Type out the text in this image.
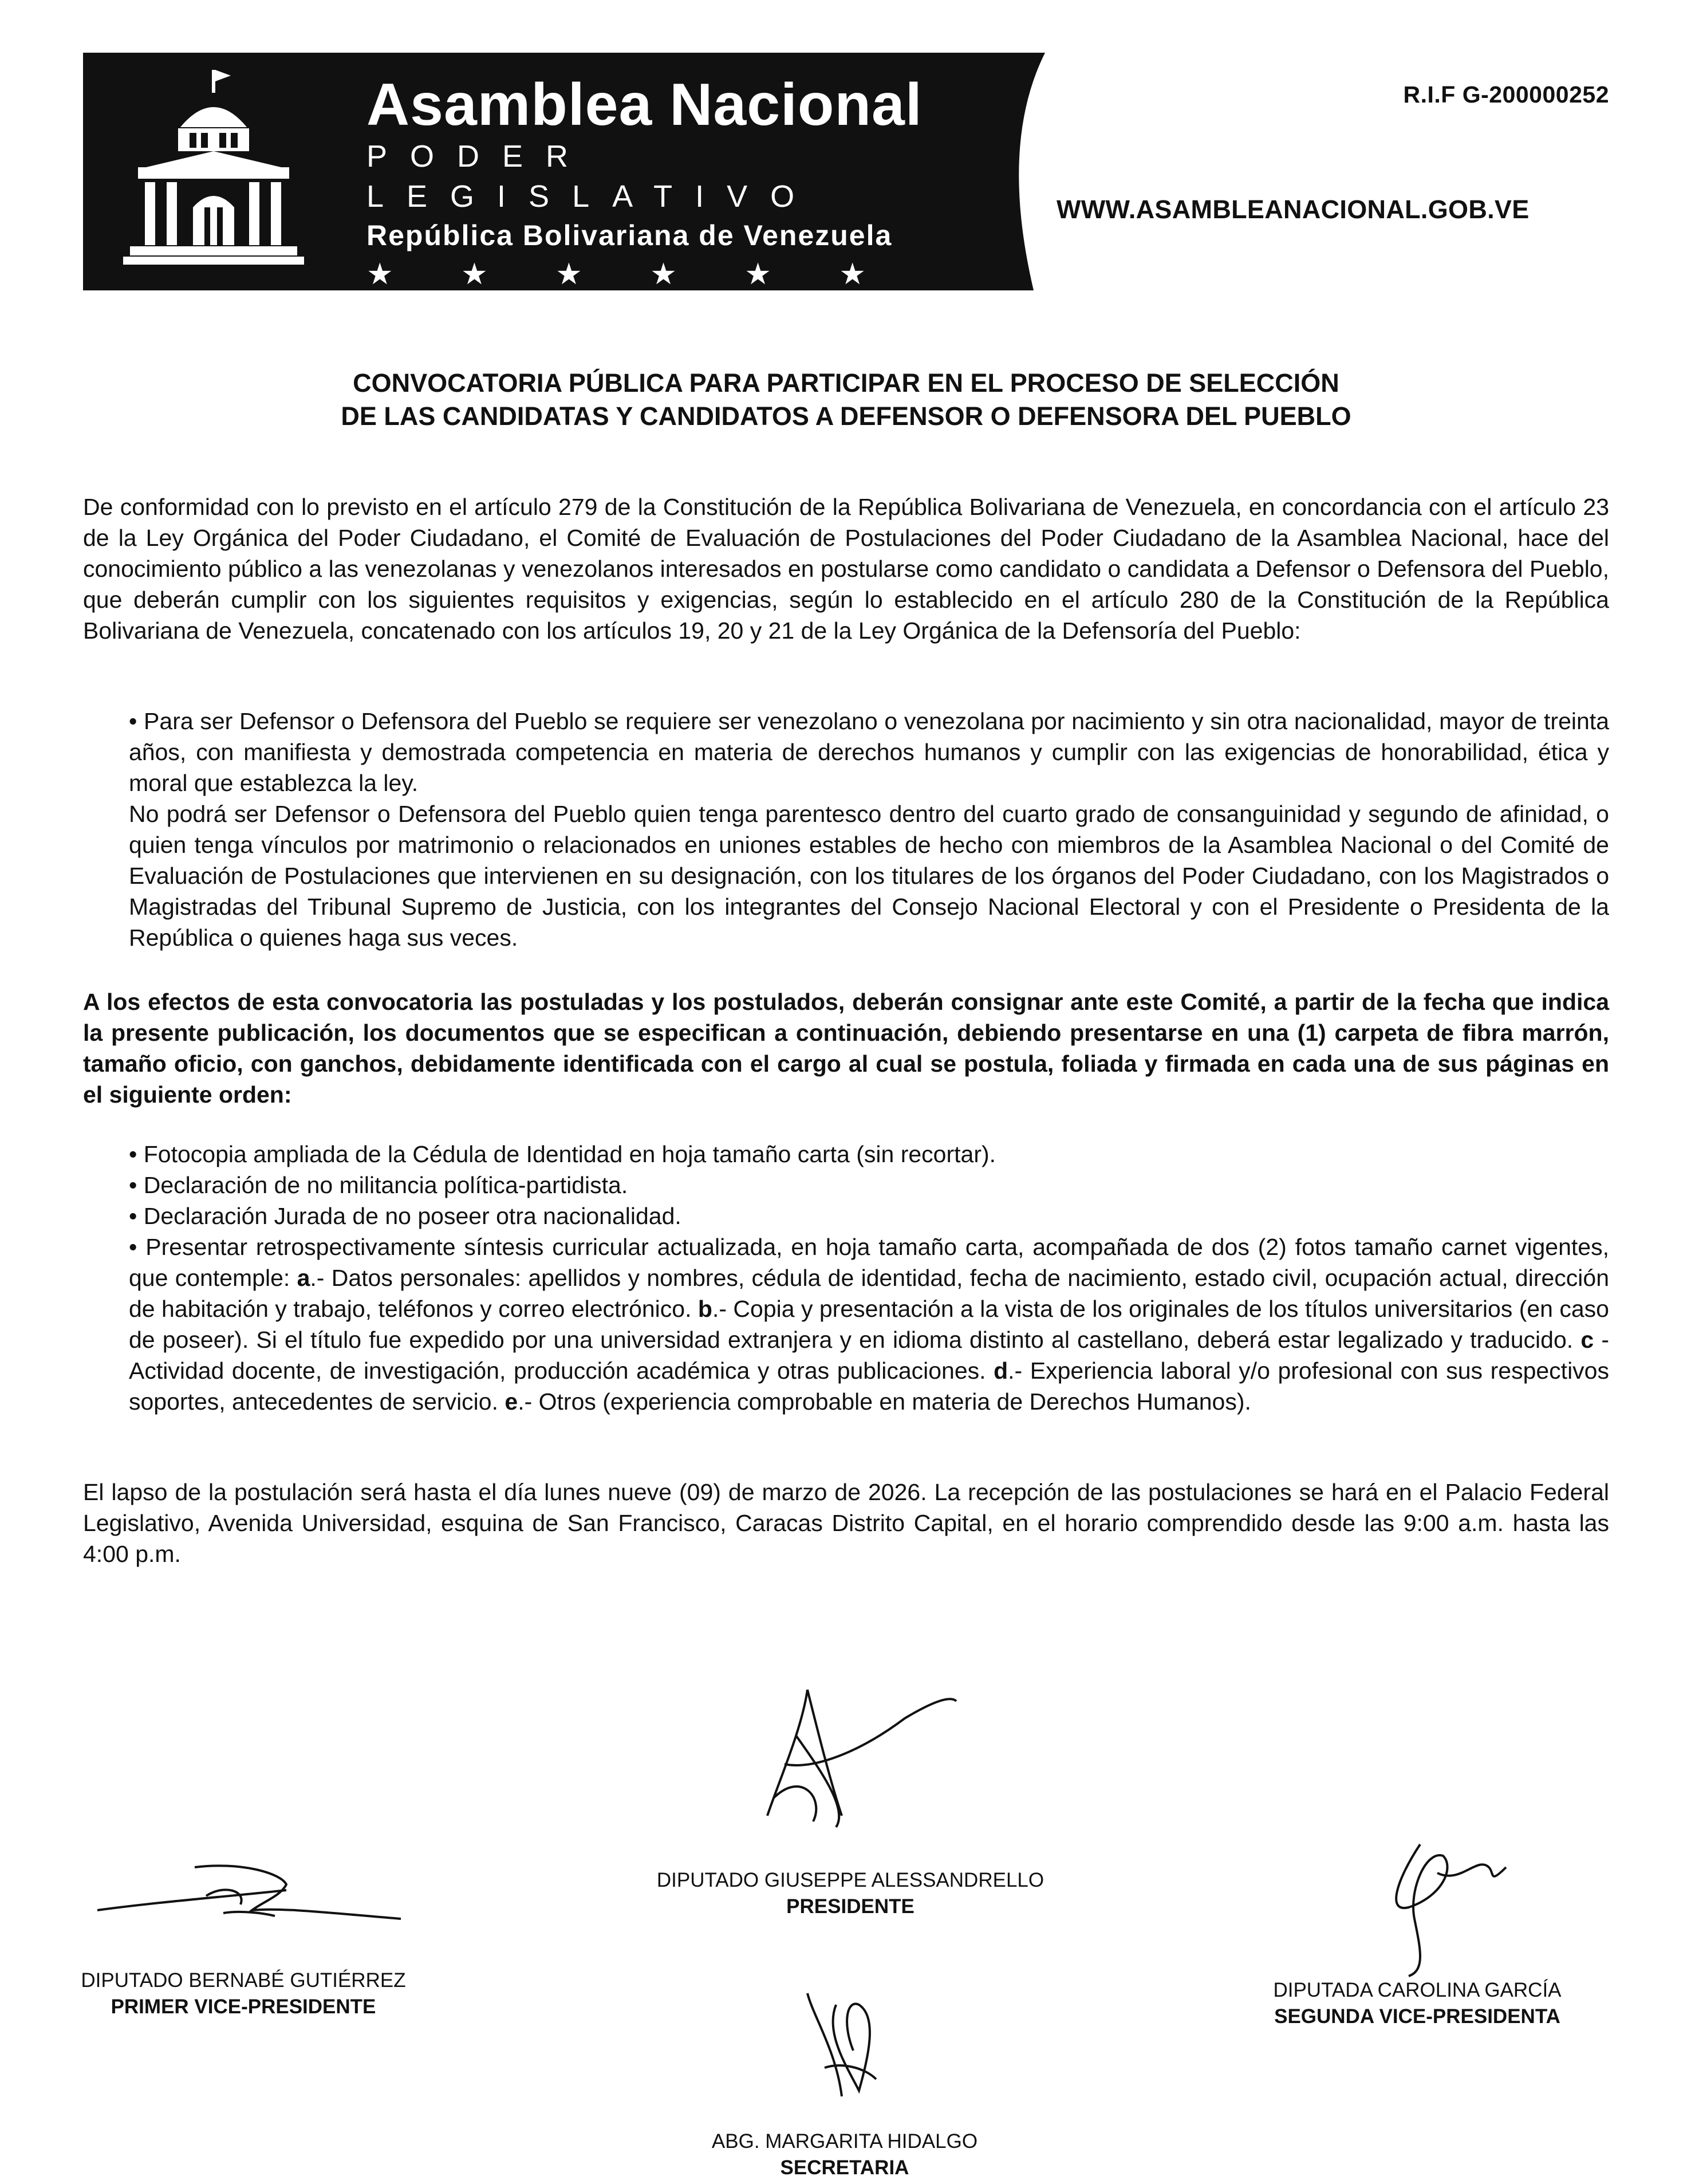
Asamblea Nacional
PODER LEGISLATIVO
República Bolivariana de Venezuela
★ ★ ★ ★ ★ ★ ★ ★
R.I.F G-200000252
WWW.ASAMBLEANACIONAL.GOB.VE
CONVOCATORIA PÚBLICA PARA PARTICIPAR EN EL PROCESO DE SELECCIÓN
DE LAS CANDIDATAS Y CANDIDATOS A DEFENSOR O DEFENSORA DEL PUEBLO

De conformidad con lo previsto en el artículo 279 de la Constitución de la República Bolivariana de Venezuela, en concordancia con el artículo 23 de la Ley Orgánica del Poder Ciudadano, el Comité de Evaluación de Postulaciones del Poder Ciudadano de la Asamblea Nacional, hace del conocimiento público a las venezolanas y venezolanos interesados en postularse como candidato o candidata a Defensor o Defensora del Pueblo, que deberán cumplir con los siguientes requisitos y exigencias, según lo establecido en el artículo 280 de la Constitución de la República Bolivariana de Venezuela, concatenado con los artículos 19, 20 y 21 de la Ley Orgánica de la Defensoría del Pueblo:

• Para ser Defensor o Defensora del Pueblo se requiere ser venezolano o venezolana por nacimiento y sin otra nacionalidad, mayor de treinta años, con manifiesta y demostrada competencia en materia de derechos humanos y cumplir con las exigencias de honorabilidad, ética y moral que establezca la ley.

No podrá ser Defensor o Defensora del Pueblo quien tenga parentesco dentro del cuarto grado de consanguinidad y segundo de afinidad, o quien tenga vínculos por matrimonio o relacionados en uniones estables de hecho con miembros de la Asamblea Nacional o del Comité de Evaluación de Postulaciones que intervienen en su designación, con los titulares de los órganos del Poder Ciudadano, con los Magistrados o Magistradas del Tribunal Supremo de Justicia, con los integrantes del Consejo Nacional Electoral y con el Presidente o Presidenta de la República o quienes haga sus veces.

A los efectos de esta convocatoria las postuladas y los postulados, deberán consignar ante este Comité, a partir de la fecha que indica la presente publicación, los documentos que se especifican a continuación, debiendo presentarse en una (1) carpeta de fibra marrón, tamaño oficio, con ganchos, debidamente identificada con el cargo al cual se postula, foliada y firmada en cada una de sus páginas en el siguiente orden:

• Fotocopia ampliada de la Cédula de Identidad en hoja tamaño carta (sin recortar).

• Declaración de no militancia política-partidista.

• Declaración Jurada de no poseer otra nacionalidad.

• Presentar retrospectivamente síntesis curricular actualizada, en hoja tamaño carta, acompañada de dos (2) fotos tamaño carnet vigentes, que contemple: a.- Datos personales: apellidos y nombres, cédula de identidad, fecha de nacimiento, estado civil, ocupación actual, dirección de habitación y trabajo, teléfonos y correo electrónico. b.- Copia y presentación a la vista de los originales de los títulos universitarios (en caso de poseer). Si el título fue expedido por una universidad extranjera y en idioma distinto al castellano, deberá estar legalizado y traducido. c -Actividad docente, de investigación, producción académica y otras publicaciones. d.- Experiencia laboral y/o profesional con sus respectivos soportes, antecedentes de servicio. e.- Otros (experiencia comprobable en materia de Derechos Humanos).

El lapso de la postulación será hasta el día lunes nueve (09) de marzo de 2026. La recepción de las postulaciones se hará en el Palacio Federal Legislativo, Avenida Universidad, esquina de San Francisco, Caracas Distrito Capital, en el horario comprendido desde las 9:00 a.m. hasta las 4:00 p.m.

DIPUTADO GIUSEPPE ALESSANDRELLO
PRESIDENTE
DIPUTADO BERNABÉ GUTIÉRREZ
PRIMER VICE-PRESIDENTE
DIPUTADA CAROLINA GARCÍA
SEGUNDA VICE-PRESIDENTA
ABG. MARGARITA HIDALGO
SECRETARIA
